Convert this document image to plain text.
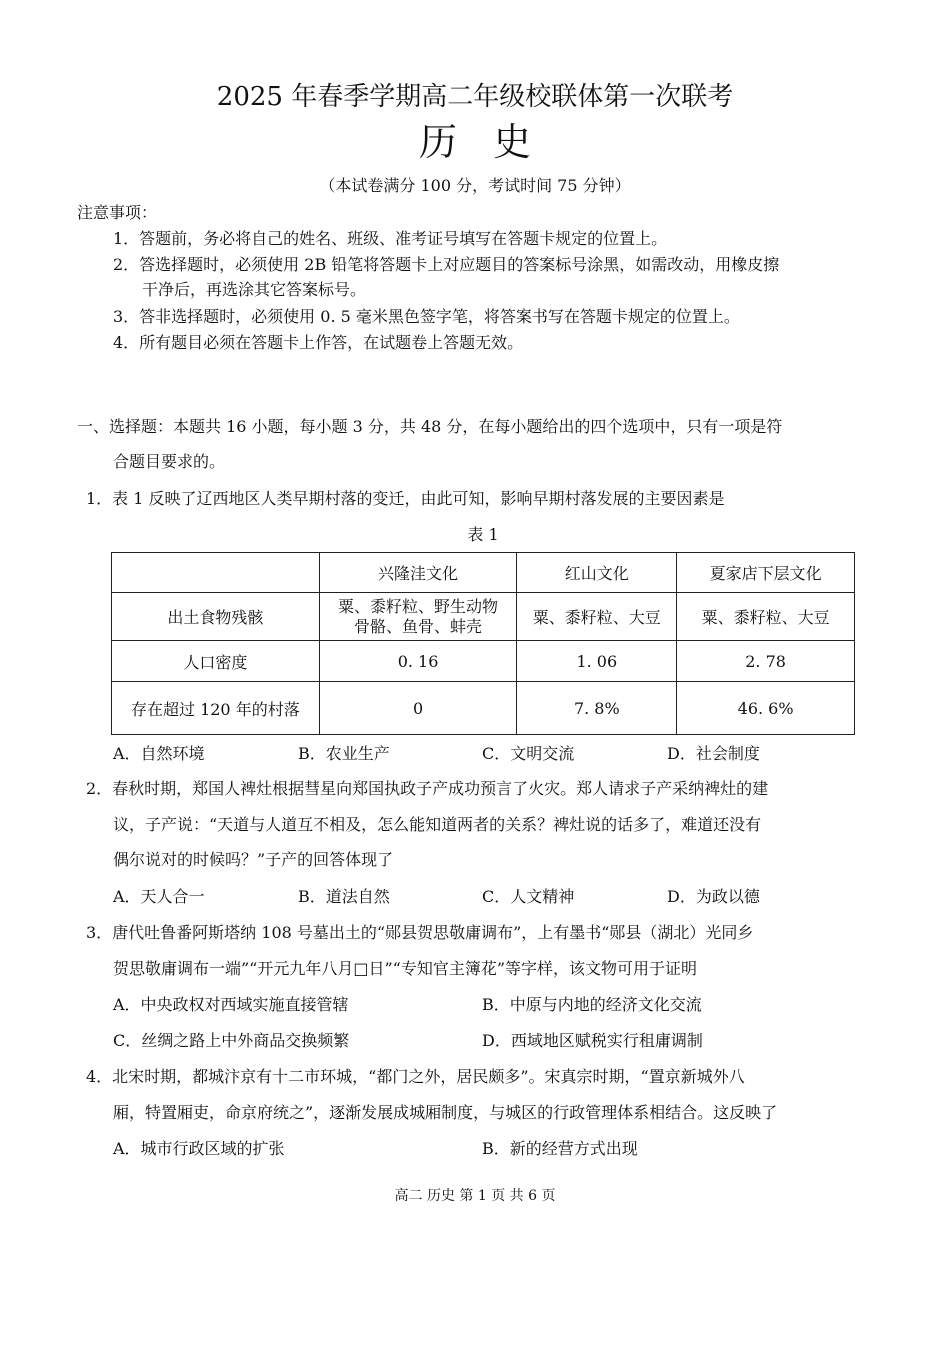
2025 年春季学期高二年级校联体第一次联考
历史
（本试卷满分 100 分，考试时间 75 分钟）
注意事项：
1．答题前，务必将自己的姓名、班级、准考证号填写在答题卡规定的位置上。
2．答选择题时，必须使用 2B 铅笔将答题卡上对应题目的答案标号涂黑，如需改动，用橡皮擦
干净后，再选涂其它答案标号。
3．答非选择题时，必须使用 0. 5 毫米黑色签字笔，将答案书写在答题卡规定的位置上。
4．所有题目必须在答题卡上作答，在试题卷上答题无效。
一、选择题：本题共 16 小题，每小题 3 分，共 48 分，在每小题给出的四个选项中，只有一项是符
合题目要求的。
1．表 1 反映了辽西地区人类早期村落的变迁，由此可知，影响早期村落发展的主要因素是
表 1
	兴隆洼文化	红山文化	夏家店下层文化
出土食物残骸	粟、黍籽粒、野生动物
骨骼、鱼骨、蚌壳	粟、黍籽粒、大豆	粟、黍籽粒、大豆
人口密度	0. 16	1. 06	2. 78
存在超过 120 年的村落	0	7. 8%	46. 6%
A．自然环境	B．农业生产	C．文明交流	D．社会制度
2．春秋时期，郑国人裨灶根据彗星向郑国执政子产成功预言了火灾。郑人请求子产采纳裨灶的建
议，子产说：“天道与人道互不相及，怎么能知道两者的关系？裨灶说的话多了，难道还没有
偶尔说对的时候吗？”子产的回答体现了
A．天人合一	B．道法自然	C．人文精神	D．为政以德
3．唐代吐鲁番阿斯塔纳 108 号墓出土的“郧县贺思敬庸调布”，上有墨书“郧县（湖北）光同乡
贺思敬庸调布一端”“开元九年八月□日”“专知官主簿花”等字样，该文物可用于证明
A．中央政权对西域实施直接管辖	B．中原与内地的经济文化交流
C．丝绸之路上中外商品交换频繁	D．西域地区赋税实行租庸调制
4．北宋时期，都城汴京有十二市环城，“都门之外，居民颇多”。宋真宗时期，“置京新城外八
厢，特置厢吏，命京府统之”，逐渐发展成城厢制度，与城区的行政管理体系相结合。这反映了
A．城市行政区域的扩张	B．新的经营方式出现
高二 历史 第 1 页 共 6 页
